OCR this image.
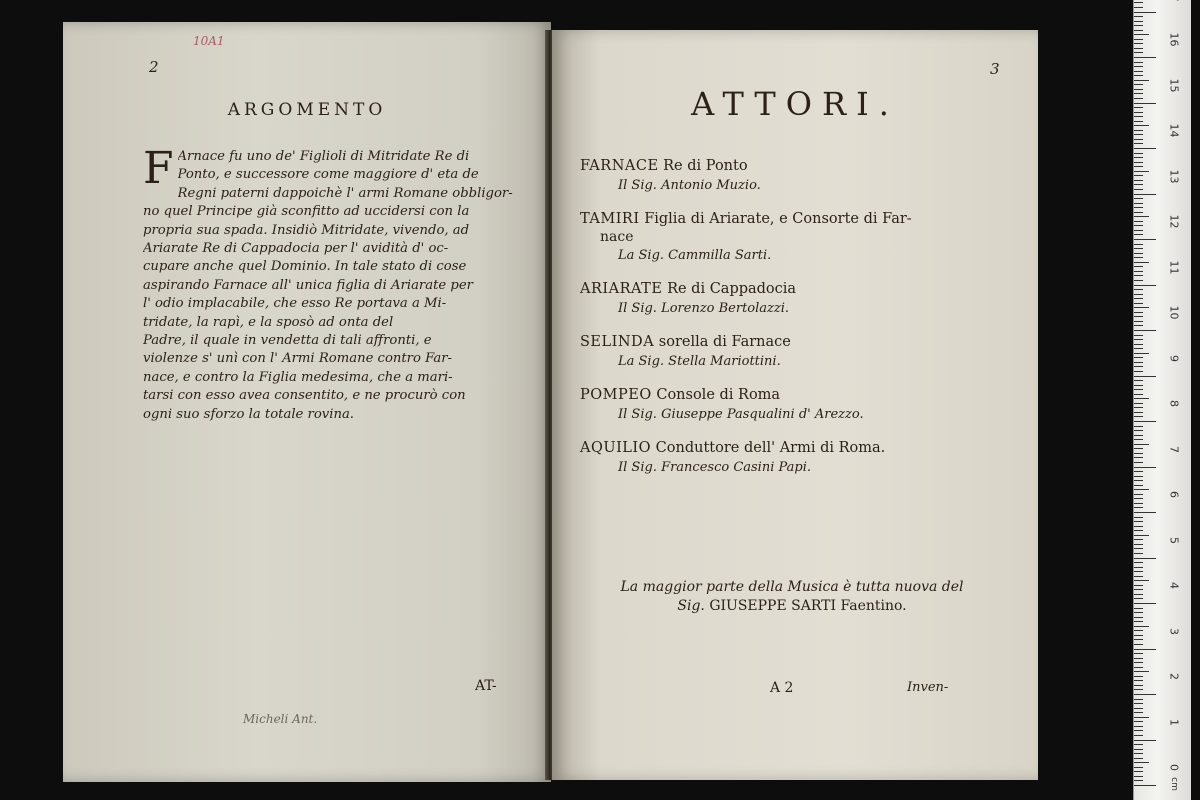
2
10A1
ARGOMENTO
F Arnace fu uno de' Figlioli di Mitridate Re di
Ponto, e successore come maggiore d' eta de
Regni paterni dappoichè l' armi Romane obbligor-
no quel Principe già sconfitto ad uccidersi con la
propria sua spada. Insidiò Mitridate, vivendo, ad
Ariarate Re di Cappadocia per l' avidità d' oc-
cupare anche quel Dominio. In tale stato di cose
aspirando Farnace all' unica figlia di Ariarate per
l' odio implacabile, che esso Re portava a Mi-
tridate, la rapì, e la sposò ad onta del
Padre, il quale in vendetta di tali affronti, e
violenze s' unì con l' Armi Romane contro Far-
nace, e contro la Figlia medesima, che a mari-
tarsi con esso avea consentito, e ne procurò con
ogni suo sforzo la totale rovina.
AT-
Micheli Ant.
3
ATTORI.
FARNACE Re di Ponto
Il Sig. Antonio Muzio.
TAMIRI Figlia di Ariarate, e Consorte di Far-
nace
La Sig. Cammilla Sarti.
ARIARATE Re di Cappadocia
Il Sig. Lorenzo Bertolazzi.
SELINDA sorella di Farnace
La Sig. Stella Mariottini.
POMPEO Console di Roma
Il Sig. Giuseppe Pasqualini d' Arezzo.
AQUILIO Conduttore dell' Armi di Roma.
Il Sig. Francesco Casini Papi.
La maggior parte della Musica è tutta nuova del
Sig. GIUSEPPE SARTI Faentino.
A 2	Inven-
16
15
14
13
12
11
10
9
8
7
6
5
4
3
2
1
0
cm
